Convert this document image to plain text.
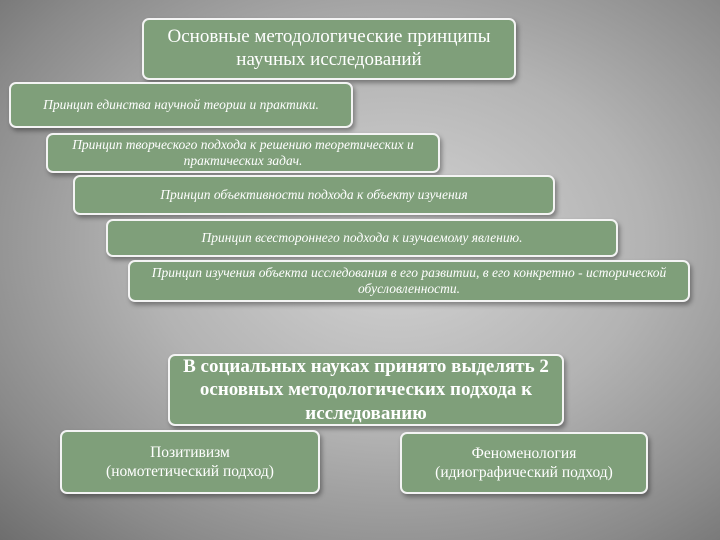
Основные методологические принципы научных исследований
Принцип единства научной теории и практики.
Принцип творческого подхода к решению теоретических и практических задач.
Принцип объективности подхода к объекту изучения
Принцип всестороннего подхода к изучаемому явлению.
Принцип изучения объекта исследования в его развитии, в его конкретно - исторической обусловленности.
В социальных науках принято выделять 2 основных методологических подхода к исследованию
Позитивизм
(номотетический подход)
Феноменология
(идиографический подход)
